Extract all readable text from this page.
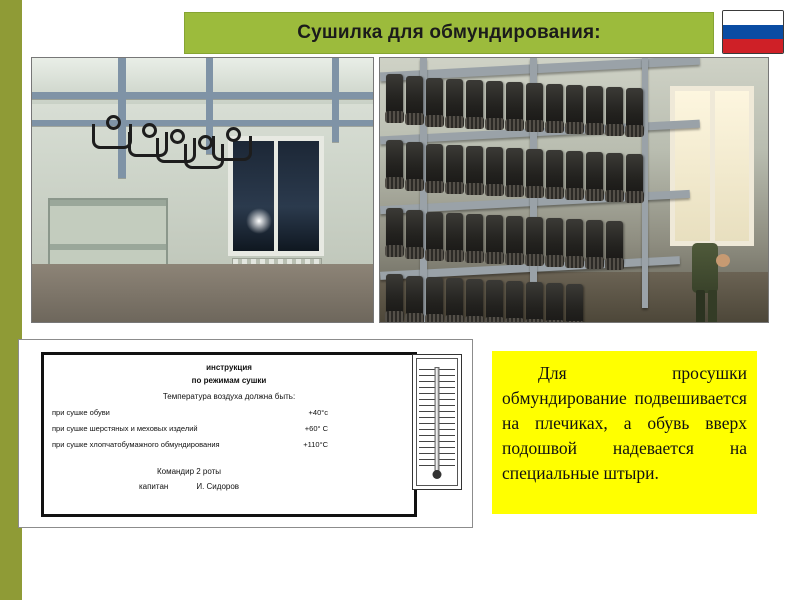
Сушилка для обмундирования:
инструкция
по режимам сушки
Температура воздуха должна быть:
при сушке обуви	+40°с
при сушке шерстяных и меховых изделий	+60° С
при сушке хлопчатобумажного обмундирования	+110°С
Командир 2 роты
капитан	И. Сидоров

Для просушки обмундирование подвешивается на плечиках, а обувь вверх подошвой надевается на специальные штыри.
